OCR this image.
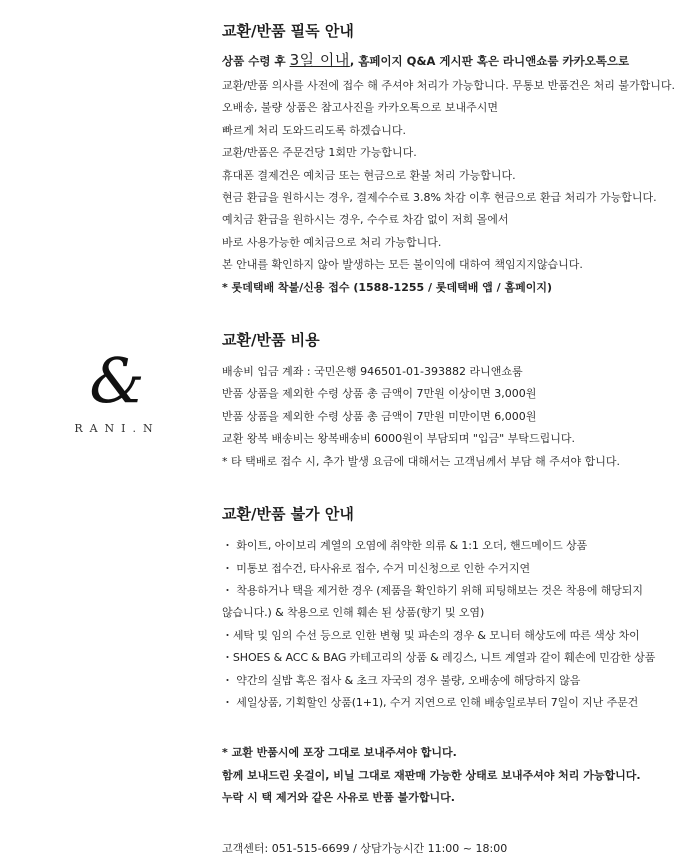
&
RANI.N
교환/반품 필독 안내

상품 수령 후 3일 이내, 홈페이지 Q&A 게시판 혹은 라니앤쇼룸 카카오톡으로

교환/반품 의사를 사전에 접수 해 주셔야 처리가 가능합니다. 무통보 반품건은 처리 불가합니다.

오배송, 불량 상품은 참고사진을 카카오톡으로 보내주시면

빠르게 처리 도와드리도록 하겠습니다.

교환/반품은 주문건당 1회만 가능합니다.

휴대폰 결제건은 예치금 또는 현금으로 환불 처리 가능합니다.

현금 환급을 원하시는 경우, 결제수수료 3.8% 차감 이후 현금으로 환급 처리가 가능합니다.

예치금 환급을 원하시는 경우, 수수료 차감 없이 저희 몰에서

바로 사용가능한 예치금으로 처리 가능합니다.

본 안내를 확인하지 않아 발생하는 모든 불이익에 대하여 책임지지않습니다.

* 롯데택배 착불/신용 접수 (1588-1255 / 롯데택배 앱 / 홈페이지)

교환/반품 비용

배송비 입금 계좌 : 국민은행 946501-01-393882 라니앤쇼룸

반품 상품을 제외한 수령 상품 총 금액이 7만원 이상이면 3,000원

반품 상품을 제외한 수령 상품 총 금액이 7만원 미만이면 6,000원

교환 왕복 배송비는 왕복배송비 6000원이 부담되며 "입금" 부탁드립니다.

* 타 택배로 접수 시, 추가 발생 요금에 대해서는 고객님께서 부담 해 주셔야 합니다.

교환/반품 불가 안내

・ 화이트, 아이보리 계열의 오염에 취약한 의류 & 1:1 오더, 핸드메이드 상품

・ 미통보 접수건, 타사유로 접수, 수거 미신청으로 인한 수거지연

・ 착용하거나 택을 제거한 경우 (제품을 확인하기 위해 피팅해보는 것은 착용에 해당되지

않습니다.) & 착용으로 인해 훼손 된 상품(향기 및 오염)

・세탁 및 임의 수선 등으로 인한 변형 및 파손의 경우 & 모니터 해상도에 따른 색상 차이

・SHOES & ACC & BAG 카테고리의 상품 & 레깅스, 니트 계열과 같이 훼손에 민감한 상품

・ 약간의 실밥 혹은 접사 & 초크 자국의 경우 불량, 오배송에 해당하지 않음

・ 세일상품, 기획할인 상품(1+1), 수거 지연으로 인해 배송일로부터 7일이 지난 주문건

* 교환 반품시에 포장 그대로 보내주셔야 합니다.

함께 보내드린 옷걸이, 비닐 그대로 재판매 가능한 상태로 보내주셔야 처리 가능합니다.

누락 시 택 제거와 같은 사유로 반품 불가합니다.

고객센터: 051-515-6699 / 상담가능시간 11:00 ~ 18:00
